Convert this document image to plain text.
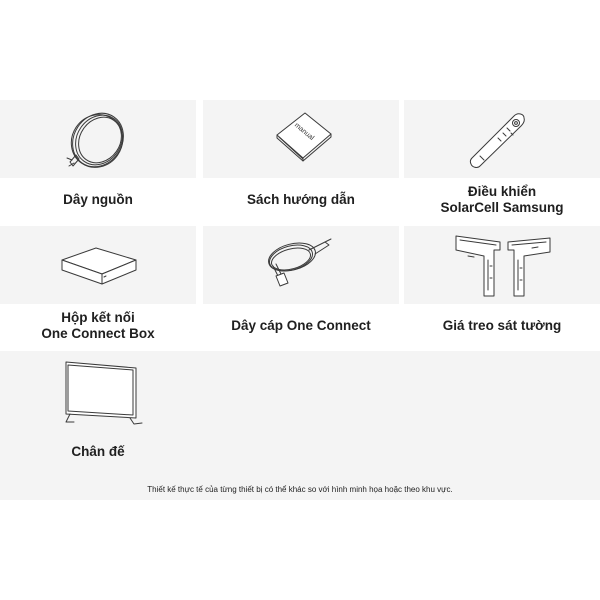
Dây nguồn
manual
Sách hướng dẫn
Điều khiển
SolarCell Samsung
Hộp kết nối
One Connect Box
Dây cáp One Connect	Giá treo sát tường
Chân đế
Thiết kế thực tế của từng thiết bị có thể khác so với hình minh họa hoặc theo khu vực.
